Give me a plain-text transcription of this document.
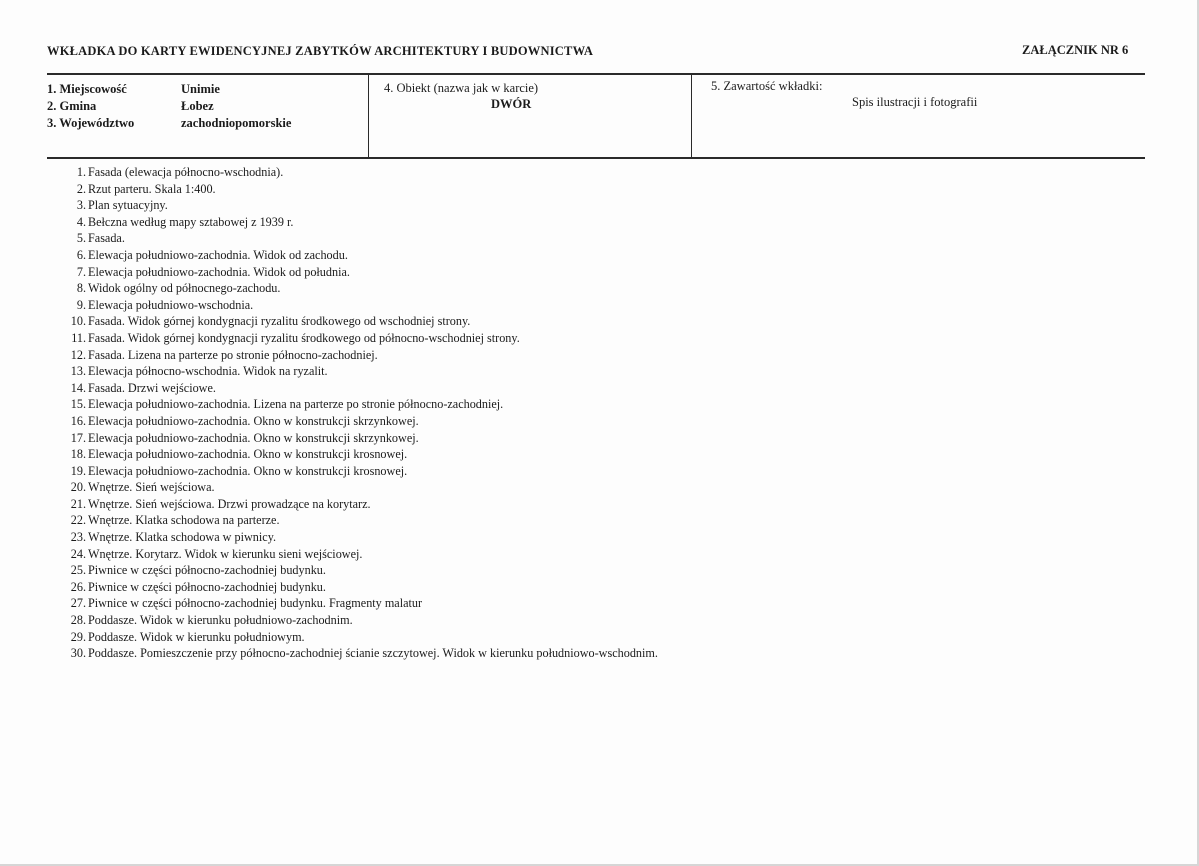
WKŁADKA DO KARTY EWIDENCYJNEJ ZABYTKÓW ARCHITEKTURY I BUDOWNICTWA	ZAŁĄCZNIK NR 6
1. Miejscowość	Unimie
2. Gmina	Łobez
3. Województwo	zachodniopomorskie
4. Obiekt (nazwa jak w karcie)
DWÓR
5. Zawartość wkładki:
Spis ilustracji i fotografii
1. Fasada (elewacja północno-wschodnia).
2. Rzut parteru. Skala 1:400.
3. Plan sytuacyjny.
4. Bełczna według mapy sztabowej z 1939 r.
5. Fasada.
6. Elewacja południowo-zachodnia. Widok od zachodu.
7. Elewacja południowo-zachodnia. Widok od południa.
8. Widok ogólny od północnego-zachodu.
9. Elewacja południowo-wschodnia.
10. Fasada. Widok górnej kondygnacji ryzalitu środkowego od wschodniej strony.
11. Fasada. Widok górnej kondygnacji ryzalitu środkowego od północno-wschodniej strony.
12. Fasada. Lizena na parterze po stronie północno-zachodniej.
13. Elewacja północno-wschodnia. Widok na ryzalit.
14. Fasada. Drzwi wejściowe.
15. Elewacja południowo-zachodnia. Lizena na parterze po stronie północno-zachodniej.
16. Elewacja południowo-zachodnia. Okno w konstrukcji skrzynkowej.
17. Elewacja południowo-zachodnia. Okno w konstrukcji skrzynkowej.
18. Elewacja południowo-zachodnia. Okno w konstrukcji krosnowej.
19. Elewacja południowo-zachodnia. Okno w konstrukcji krosnowej.
20. Wnętrze. Sień wejściowa.
21. Wnętrze. Sień wejściowa. Drzwi prowadzące na korytarz.
22. Wnętrze. Klatka schodowa na parterze.
23. Wnętrze. Klatka schodowa w piwnicy.
24. Wnętrze. Korytarz. Widok w kierunku sieni wejściowej.
25. Piwnice w części północno-zachodniej budynku.
26. Piwnice w części północno-zachodniej budynku.
27. Piwnice w części północno-zachodniej budynku. Fragmenty malatur
28. Poddasze. Widok w kierunku południowo-zachodnim.
29. Poddasze. Widok w kierunku południowym.
30. Poddasze. Pomieszczenie przy północno-zachodniej ścianie szczytowej. Widok w kierunku południowo-wschodnim.
